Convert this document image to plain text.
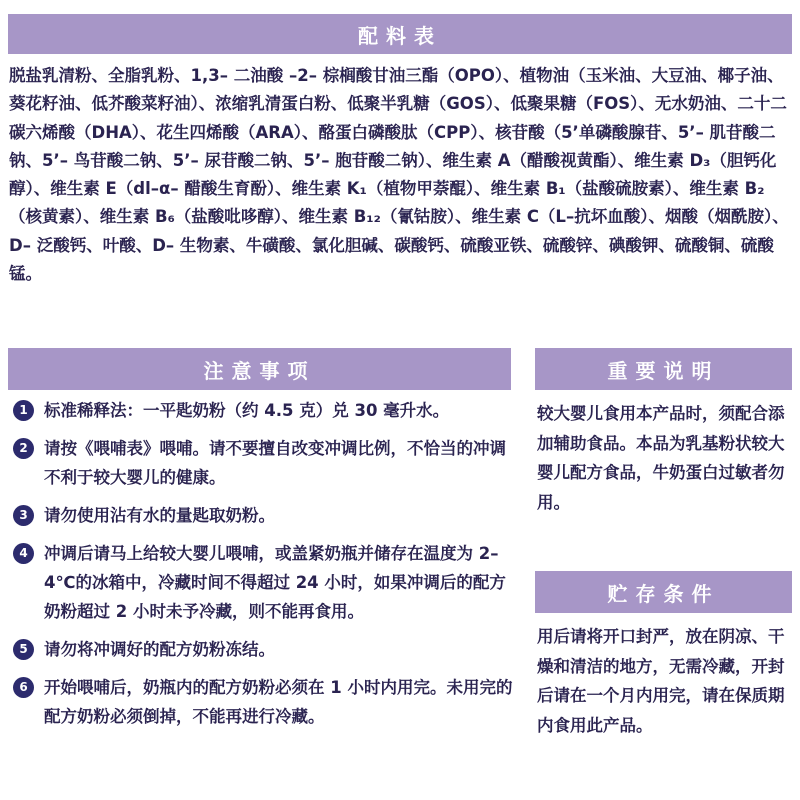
配料表
脱盐乳清粉、全脂乳粉、1,3– 二油酸 –2– 棕榈酸甘油三酯（OPO）、植物油（玉米油、大豆油、椰子油、葵花籽油、低芥酸菜籽油）、浓缩乳清蛋白粉、低聚半乳糖（GOS）、低聚果糖（FOS）、无水奶油、二十二碳六烯酸（DHA）、花生四烯酸（ARA）、酪蛋白磷酸肽（CPP）、核苷酸（5’单磷酸腺苷、5’– 肌苷酸二钠、5’– 鸟苷酸二钠、5’– 尿苷酸二钠、5’– 胞苷酸二钠）、维生素 A（醋酸视黄酯）、维生素 D₃（胆钙化醇）、维生素 E（dl–α– 醋酸生育酚）、维生素 K₁（植物甲萘醌）、维生素 B₁（盐酸硫胺素）、维生素 B₂（核黄素）、维生素 B₆（盐酸吡哆醇）、维生素 B₁₂（氰钴胺）、维生素 C（L–抗坏血酸）、烟酸（烟酰胺）、D– 泛酸钙、叶酸、D– 生物素、牛磺酸、氯化胆碱、碳酸钙、硫酸亚铁、硫酸锌、碘酸钾、硫酸铜、硫酸锰。
注意事项
1 标准稀释法：一平匙奶粉（约 4.5 克）兑 30 毫升水。
2 请按《喂哺表》喂哺。请不要擅自改变冲调比例，不恰当的冲调不利于较大婴儿的健康。
3 请勿使用沾有水的量匙取奶粉。
4 冲调后请马上给较大婴儿喂哺，或盖紧奶瓶并储存在温度为 2–4℃的冰箱中，冷藏时间不得超过 24 小时，如果冲调后的配方奶粉超过 2 小时未予冷藏，则不能再食用。
5 请勿将冲调好的配方奶粉冻结。
6 开始喂哺后，奶瓶内的配方奶粉必须在 1 小时内用完。未用完的配方奶粉必须倒掉，不能再进行冷藏。
重要说明
较大婴儿食用本产品时，须配合添加辅助食品。本品为乳基粉状较大婴儿配方食品，牛奶蛋白过敏者勿用。
贮存条件
用后请将开口封严，放在阴凉、干燥和清洁的地方，无需冷藏，开封后请在一个月内用完，请在保质期内食用此产品。
